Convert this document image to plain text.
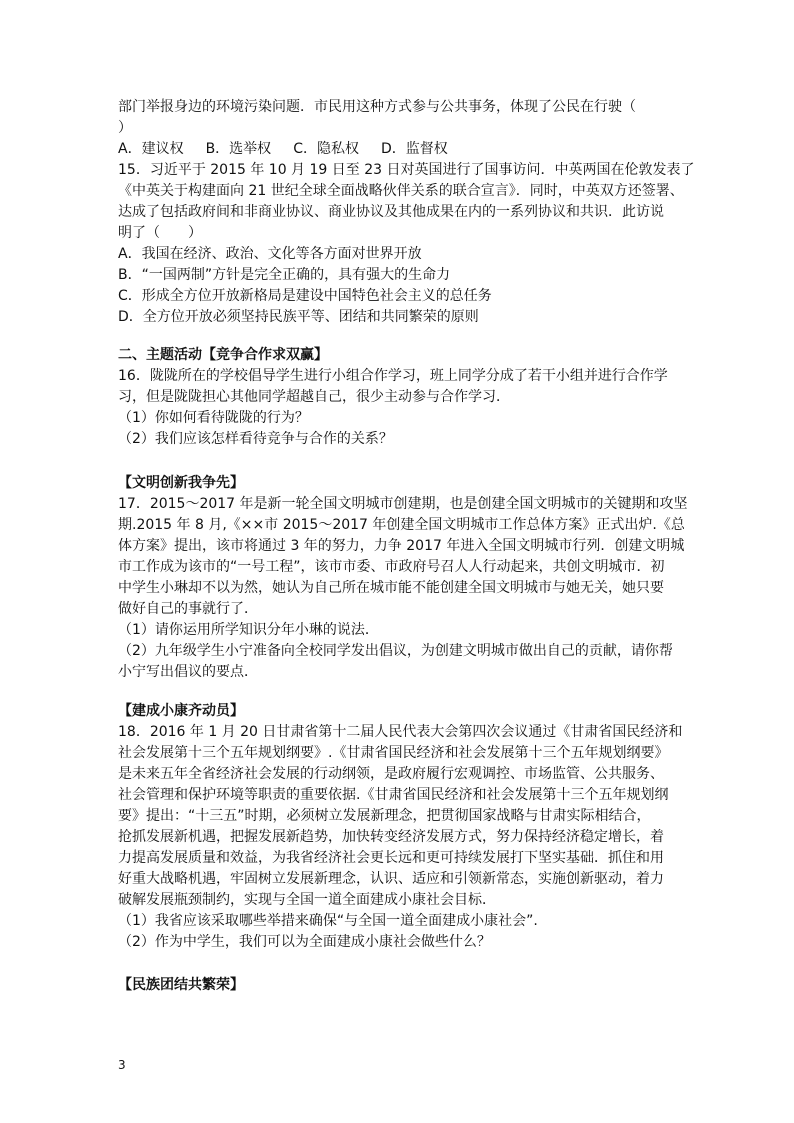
部门举报身边的环境污染问题．市民用这种方式参与公共事务，体现了公民在行驶（
）
A．建议权 B．选举权 C．隐私权 D．监督权
15．习近平于 2015 年 10 月 19 日至 23 日对英国进行了国事访问．中英两国在伦敦发表了
《中英关于构建面向 21 世纪全球全面战略伙伴关系的联合宣言》．同时，中英双方还签署、
达成了包括政府间和非商业协议、商业协议及其他成果在内的一系列协议和共识．此访说
明了（　　）
A．我国在经济、政治、文化等各方面对世界开放
B．“一国两制”方针是完全正确的，具有强大的生命力
C．形成全方位开放新格局是建设中国特色社会主义的总任务
D．全方位开放必须坚持民族平等、团结和共同繁荣的原则
二、主题活动【竞争合作求双赢】
16．陇陇所在的学校倡导学生进行小组合作学习，班上同学分成了若干小组并进行合作学
习，但是陇陇担心其他同学超越自己，很少主动参与合作学习．
（1）你如何看待陇陇的行为？
（2）我们应该怎样看待竞争与合作的关系？
【文明创新我争先】
17．2015～2017 年是新一轮全国文明城市创建期，也是创建全国文明城市的关键期和攻坚
期.2015 年 8 月,《××市 2015～2017 年创建全国文明城市工作总体方案》正式出炉.《总
体方案》提出，该市将通过 3 年的努力，力争 2017 年进入全国文明城市行列．创建文明城
市工作成为该市的“一号工程”，该市市委、市政府号召人人行动起来，共创文明城市．初
中学生小琳却不以为然，她认为自己所在城市能不能创建全国文明城市与她无关，她只要
做好自己的事就行了．
（1）请你运用所学知识分年小琳的说法．
（2）九年级学生小宁准备向全校同学发出倡议，为创建文明城市做出自己的贡献，请你帮
小宁写出倡议的要点．
【建成小康齐动员】
18．2016 年 1 月 20 日甘肃省第十二届人民代表大会第四次会议通过《甘肃省国民经济和
社会发展第十三个五年规划纲要》.《甘肃省国民经济和社会发展第十三个五年规划纲要》
是未来五年全省经济社会发展的行动纲领，是政府履行宏观调控、市场监管、公共服务、
社会管理和保护环境等职责的重要依据.《甘肃省国民经济和社会发展第十三个五年规划纲
要》提出：“十三五”时期，必须树立发展新理念，把贯彻国家战略与甘肃实际相结合，
抢抓发展新机遇，把握发展新趋势，加快转变经济发展方式，努力保持经济稳定增长，着
力提高发展质量和效益，为我省经济社会更长远和更可持续发展打下坚实基础．抓住和用
好重大战略机遇，牢固树立发展新理念，认识、适应和引领新常态，实施创新驱动，着力
破解发展瓶颈制约，实现与全国一道全面建成小康社会目标．
（1）我省应该采取哪些举措来确保“与全国一道全面建成小康社会”.
（2）作为中学生，我们可以为全面建成小康社会做些什么？
【民族团结共繁荣】
3
